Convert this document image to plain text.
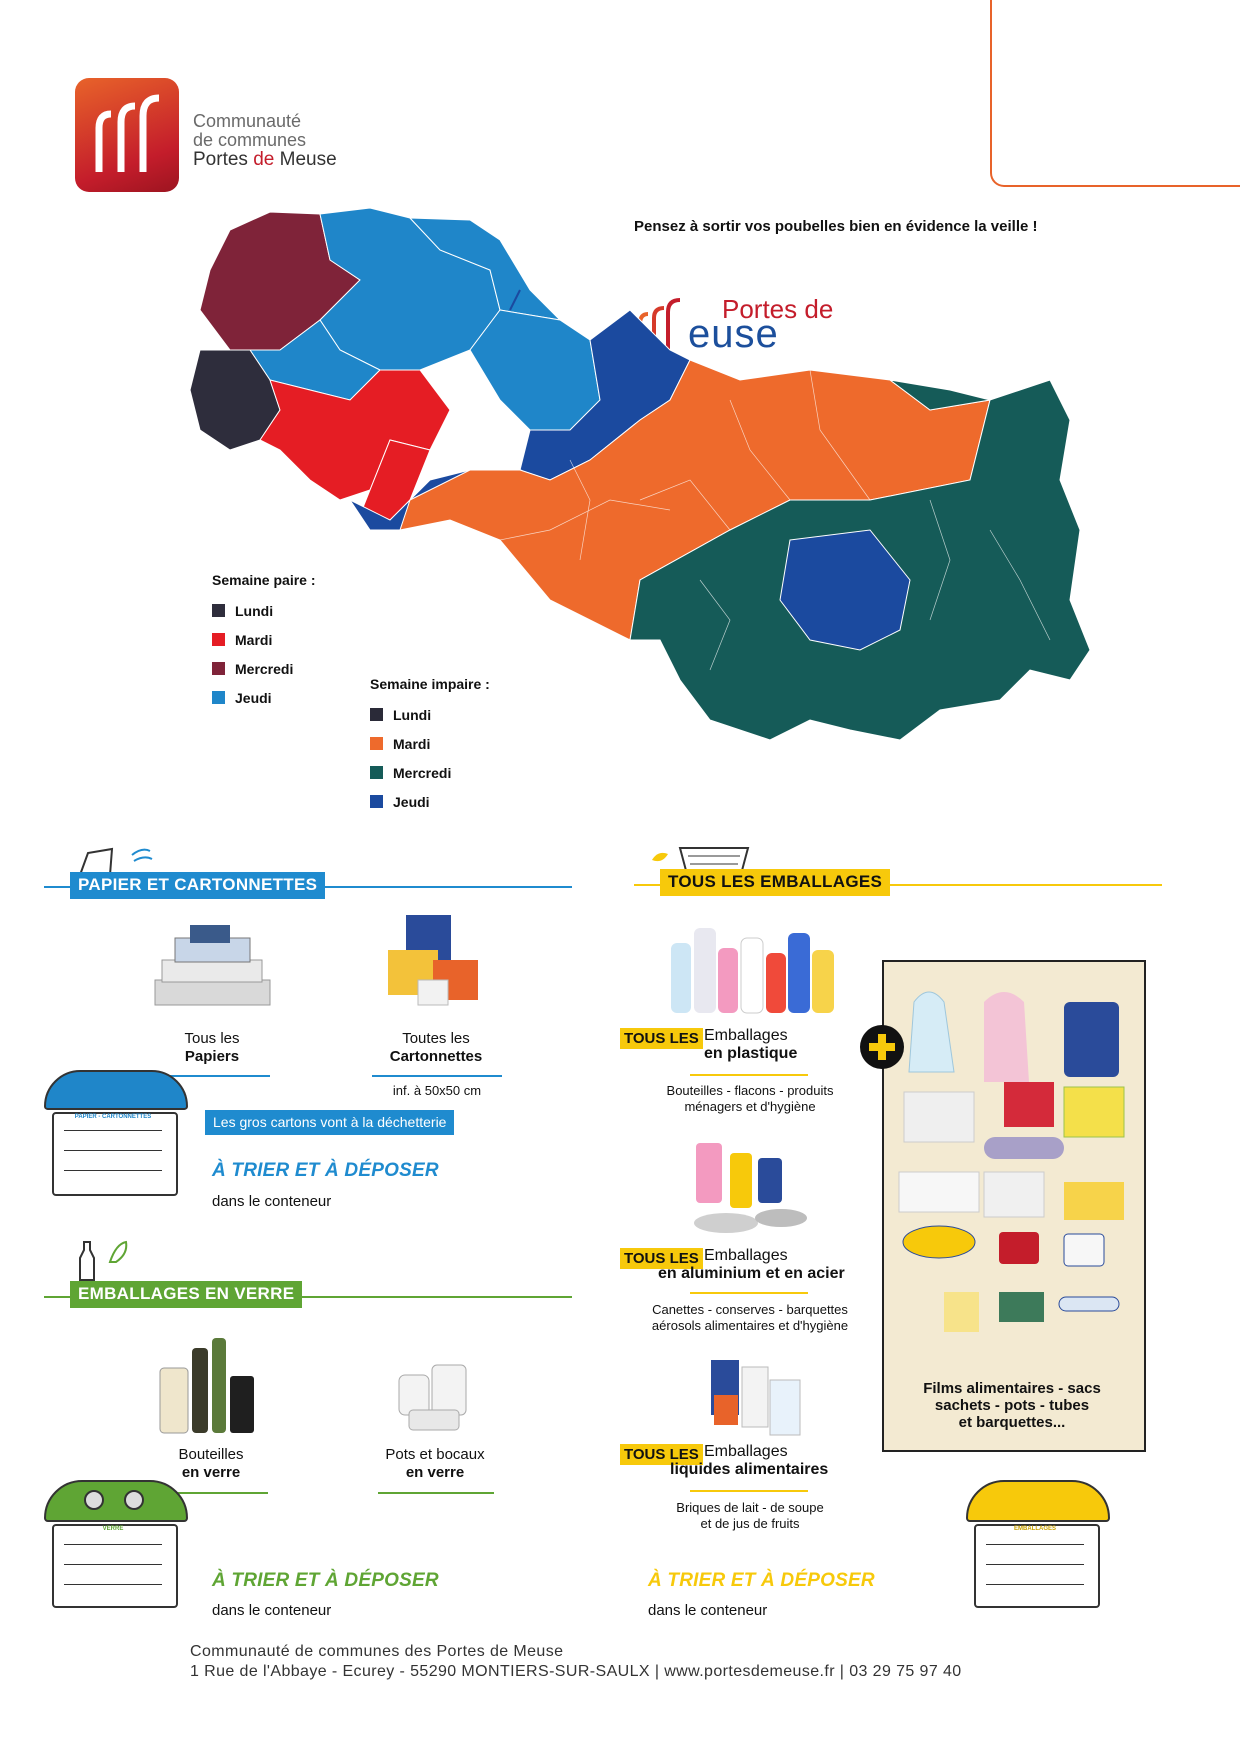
Communauté
de communes
Portes de Meuse
Pensez à sortir vos poubelles bien en évidence la veille !
Portes de
euse
Semaine paire :
Lundi
Mardi
Mercredi
Jeudi
Semaine impaire :
Lundi
Mardi
Mercredi
Jeudi
PAPIER ET CARTONNETTES
Tous les
Papiers
Toutes les
Cartonnettes
inf. à 50x50 cm
Les gros cartons vont à la déchetterie
PAPIER - CARTONNETTES
À TRIER ET À DÉPOSER
dans le conteneur
EMBALLAGES EN VERRE
Bouteilles
en verre
Pots et bocaux
en verre
VERRE
À TRIER ET À DÉPOSER
dans le conteneur
TOUS LES EMBALLAGES
TOUS LES Emballages
en plastique
Bouteilles - flacons - produits
ménagers et d'hygiène
TOUS LES Emballages
en aluminium et en acier
Canettes - conserves - barquettes
aérosols alimentaires et d'hygiène
TOUS LES Emballages
liquides alimentaires
Briques de lait - de soupe
et de jus de fruits
Films alimentaires - sacs
sachets - pots - tubes
et barquettes...
EMBALLAGES
À TRIER ET À DÉPOSER
dans le conteneur
Communauté de communes des Portes de Meuse
1 Rue de l'Abbaye - Ecurey - 55290 MONTIERS-SUR-SAULX | www.portesdemeuse.fr | 03 29 75 97 40
